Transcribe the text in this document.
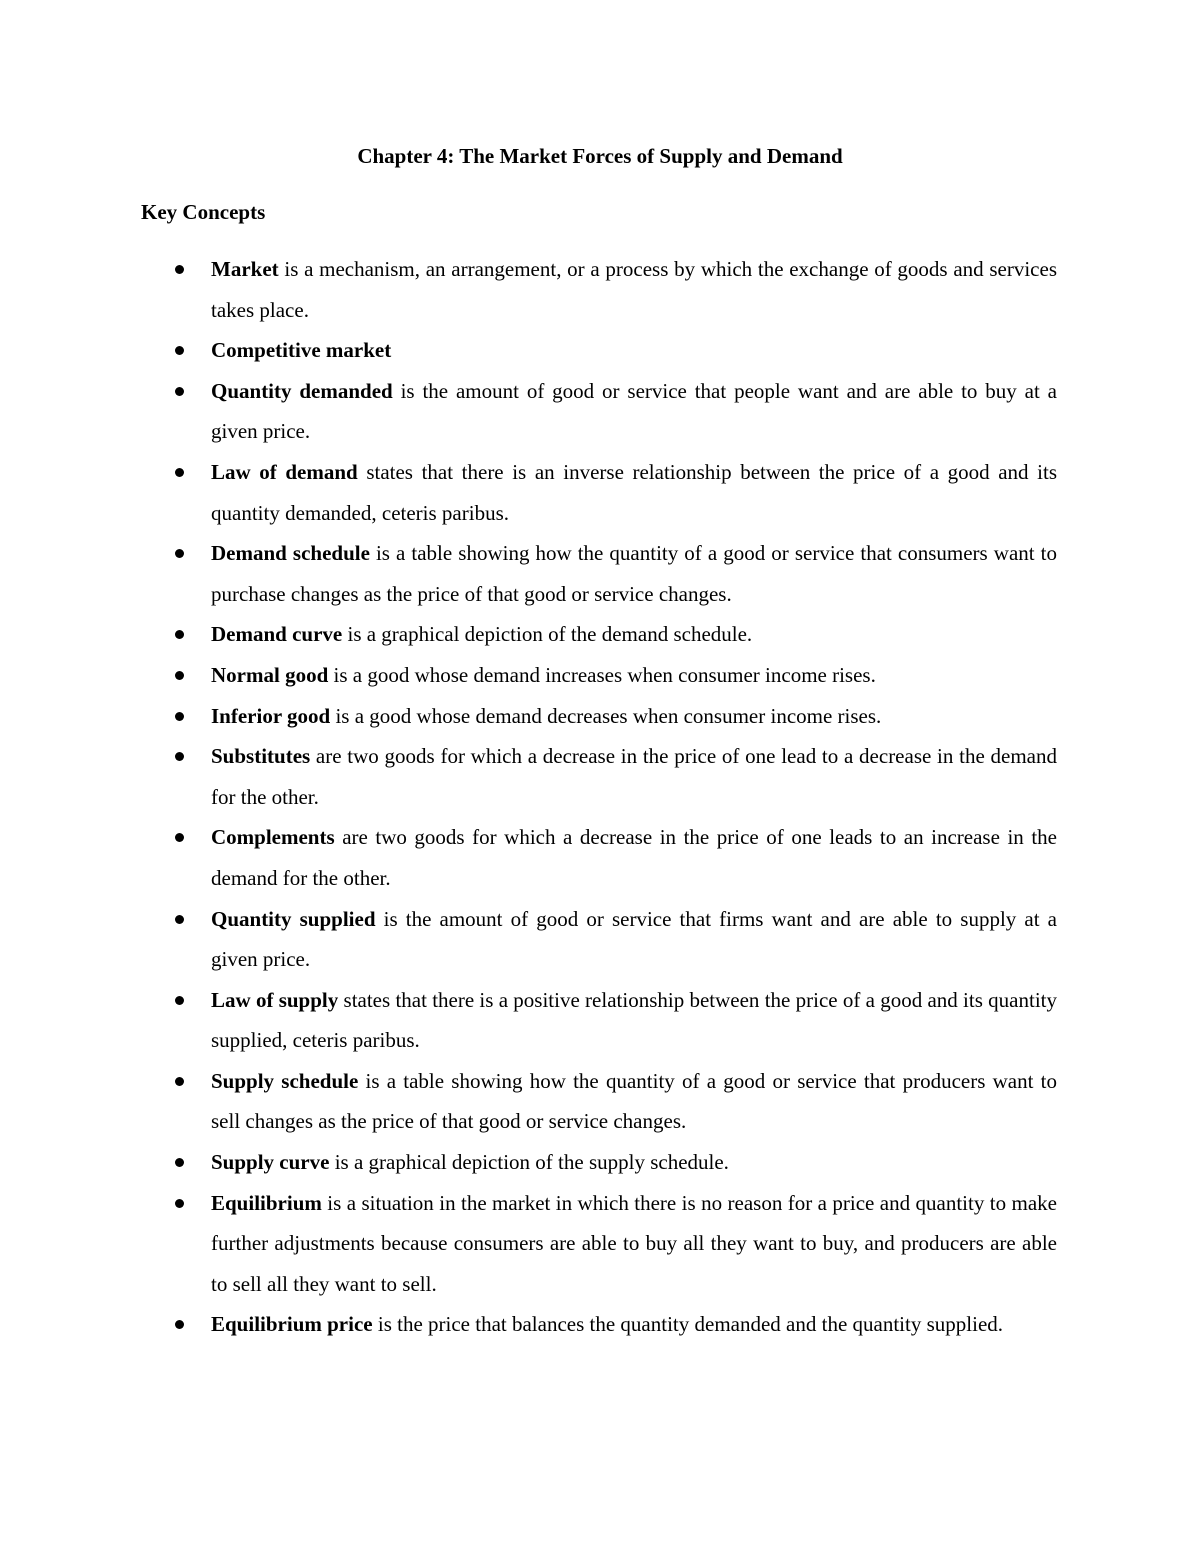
Chapter 4: The Market Forces of Supply and Demand
Key Concepts
Market is a mechanism, an arrangement, or a process by which the exchange of goods and services takes place.
Competitive market
Quantity demanded is the amount of good or service that people want and are able to buy at a given price.
Law of demand states that there is an inverse relationship between the price of a good and its quantity demanded, ceteris paribus.
Demand schedule is a table showing how the quantity of a good or service that consumers want to purchase changes as the price of that good or service changes.
Demand curve is a graphical depiction of the demand schedule.
Normal good is a good whose demand increases when consumer income rises.
Inferior good is a good whose demand decreases when consumer income rises.
Substitutes are two goods for which a decrease in the price of one lead to a decrease in the demand for the other.
Complements are two goods for which a decrease in the price of one leads to an increase in the demand for the other.
Quantity supplied is the amount of good or service that firms want and are able to supply at a given price.
Law of supply states that there is a positive relationship between the price of a good and its quantity supplied, ceteris paribus.
Supply schedule is a table showing how the quantity of a good or service that producers want to sell changes as the price of that good or service changes.
Supply curve is a graphical depiction of the supply schedule.
Equilibrium is a situation in the market in which there is no reason for a price and quantity to make further adjustments because consumers are able to buy all they want to buy, and producers are able to sell all they want to sell.
Equilibrium price is the price that balances the quantity demanded and the quantity supplied.
